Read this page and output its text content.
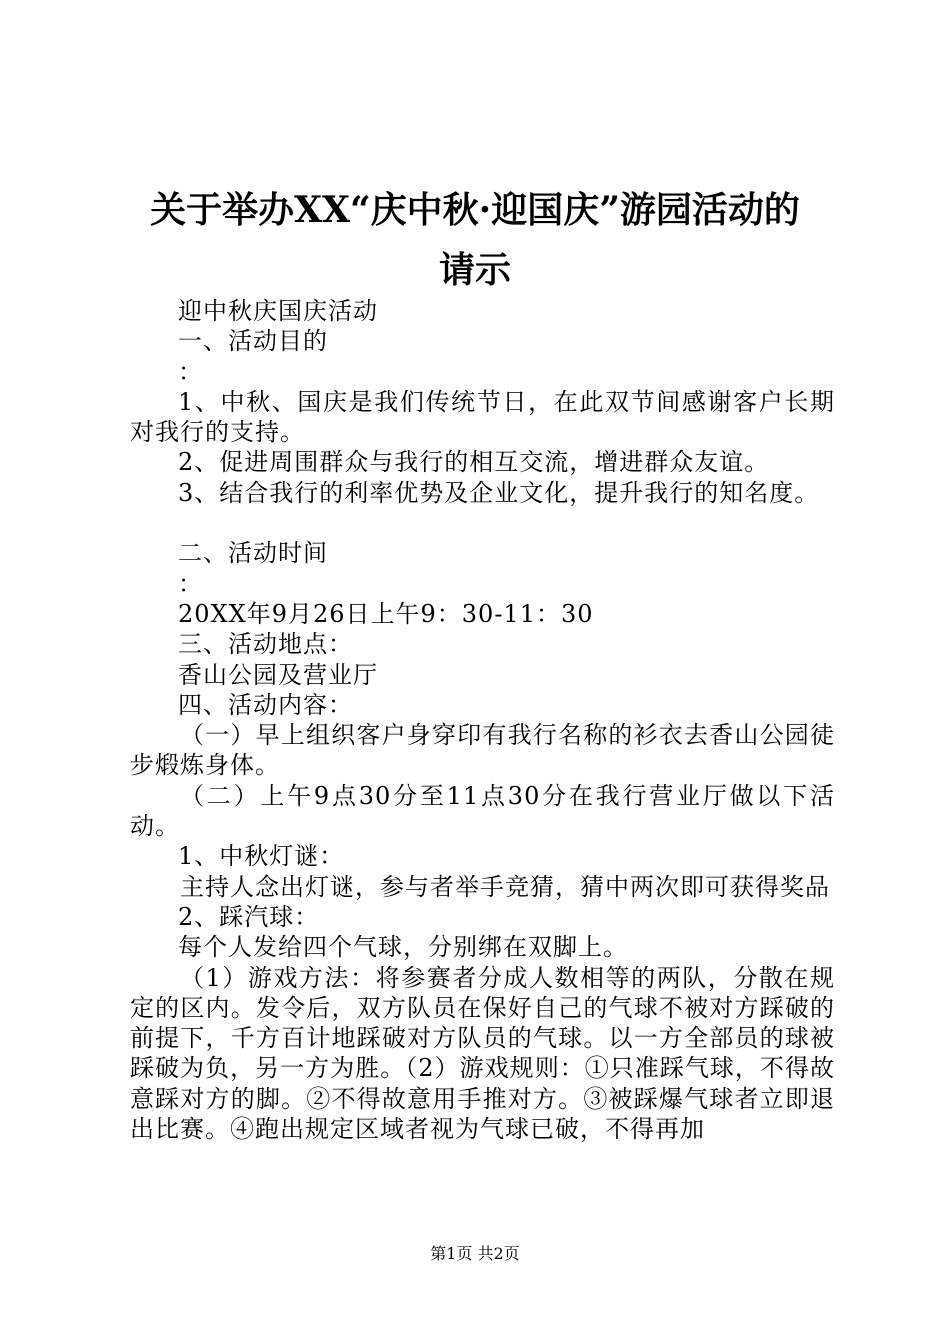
关于举办XX“庆中秋·迎国庆”游园活动的
请示

迎中秋庆国庆活动

一、活动目的

：

1、中秋、国庆是我们传统节日，在此双节间感谢客户长期对我行的支持。

2、促进周围群众与我行的相互交流，增进群众友谊。

3、结合我行的利率优势及企业文化，提升我行的知名度。

二、活动时间

：

20XX年9月26日上午9：30-11：30

三、活动地点：

香山公园及营业厅

四、活动内容：

（一）早上组织客户身穿印有我行名称的衫衣去香山公园徒步煅炼身体。

（二）上午9点30分至11点30分在我行营业厅做以下活动。

1、中秋灯谜：

主持人念出灯谜，参与者举手竞猜，猜中两次即可获得奖品

2、踩汽球：

每个人发给四个气球，分别绑在双脚上。

（1）游戏方法：将参赛者分成人数相等的两队，分散在规定的区内。发令后，双方队员在保好自己的气球不被对方踩破的前提下，千方百计地踩破对方队员的气球。以一方全部员的球被踩破为负，另一方为胜。（2）游戏规则：①只准踩气球，不得故意踩对方的脚。②不得故意用手推对方。③被踩爆气球者立即退出比赛。④跑出规定区域者视为气球已破，不得再加

第1页 共2页
